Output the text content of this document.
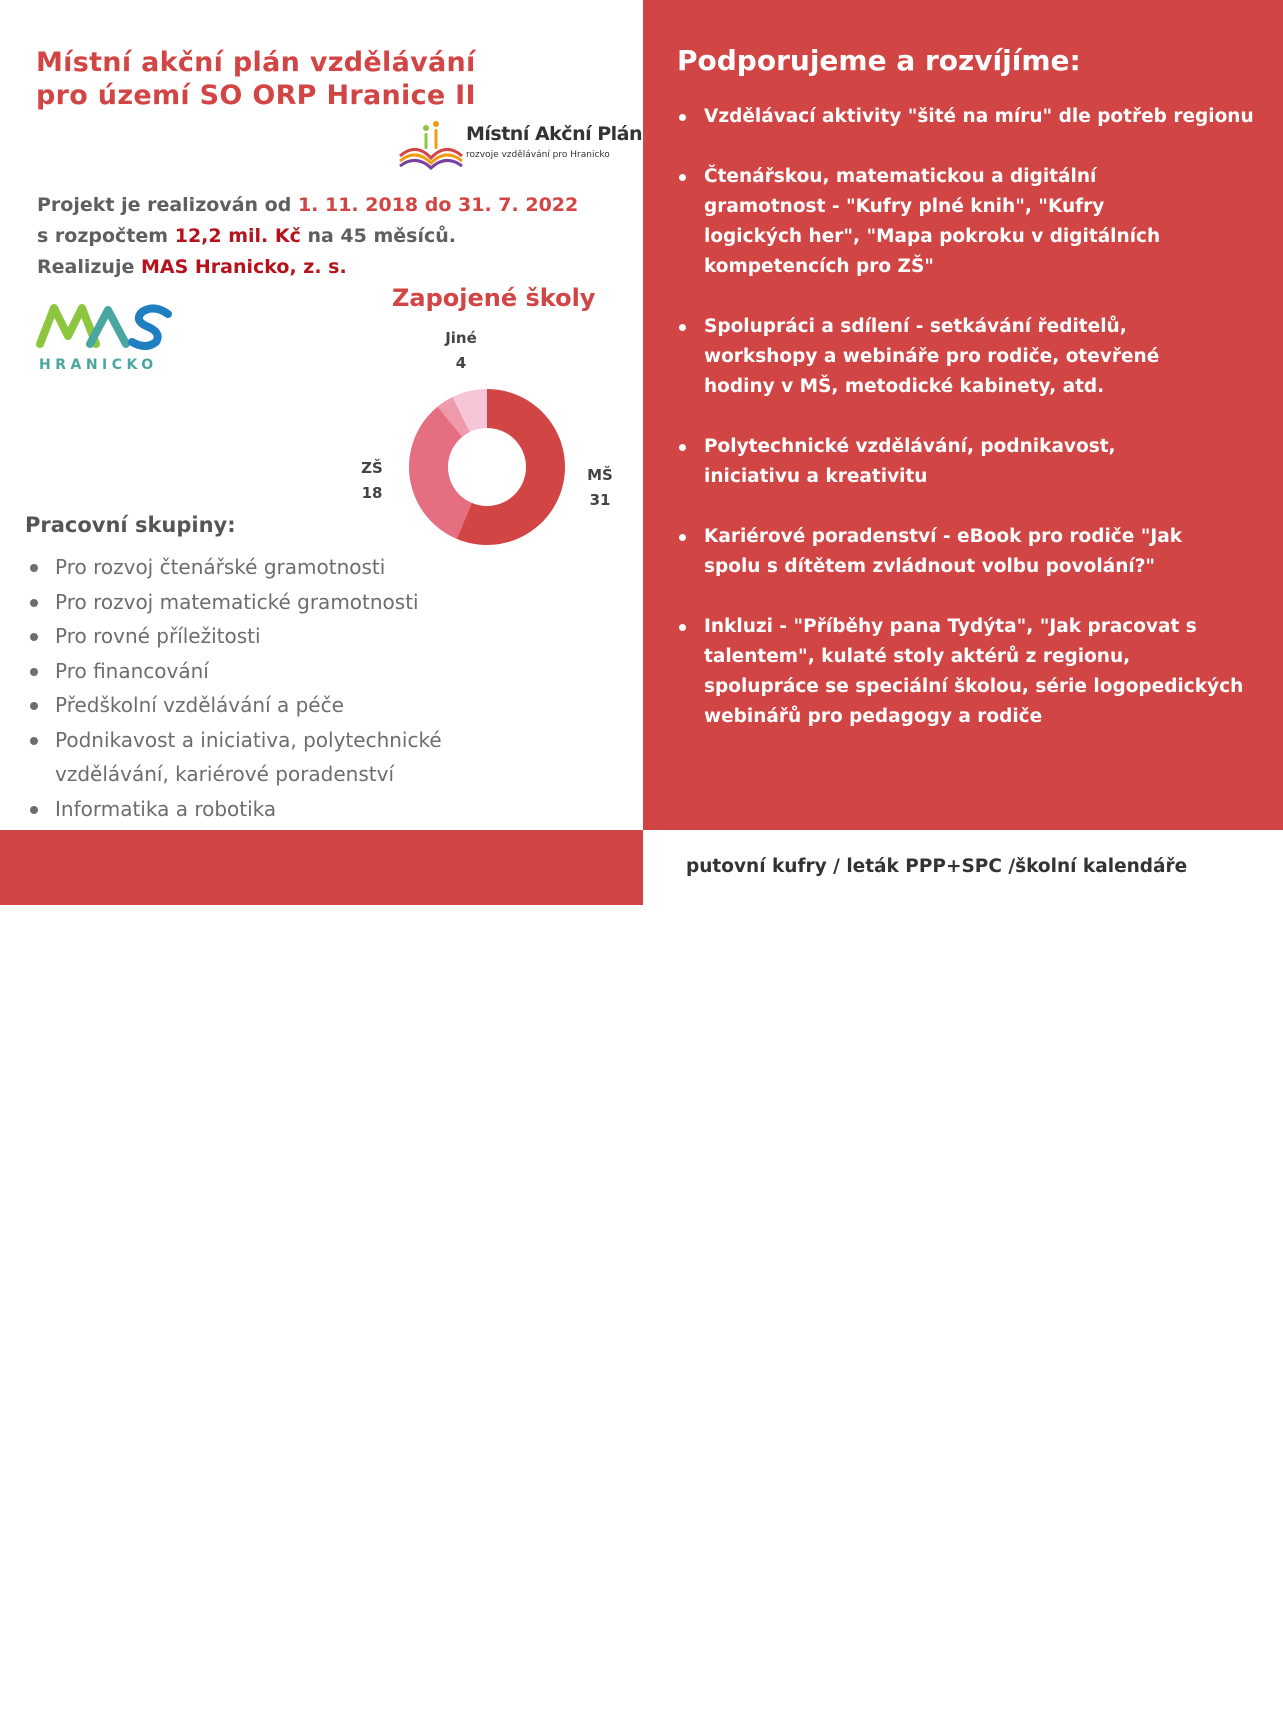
Místní akční plán vzdělávání
pro území SO ORP Hranice II
Místní Akční Plán
rozvoje vzdělávání pro Hranicko

Projekt je realizován od 1. 11. 2018 do 31. 7. 2022

s rozpočtem 12,2 mil. Kč na 45 měsíců.

Realizuje MAS Hranicko, z. s.

HRANICKO
Zapojené školy
Jiné
4
ZŠ
18
MŠ
31
Pracovní skupiny:
Pro rozvoj čtenářské gramotnosti
Pro rozvoj matematické gramotnosti
Pro rovné příležitosti
Pro financování
Předškolní vzdělávání a péče
Podnikavost a iniciativa, polytechnické vzdělávání, kariérové poradenství
Informatika a robotika
Podporujeme a rozvíjíme:
Vzdělávací aktivity "šité na míru" dle potřeb regionu
Čtenářskou, matematickou a digitální gramotnost - "Kufry plné knih", "Kufry logických her", "Mapa pokroku v digitálních kompetencích pro ZŠ"
Spolupráci a sdílení - setkávání ředitelů, workshopy a webináře pro rodiče, otevřené hodiny v MŠ, metodické kabinety, atd.
Polytechnické vzdělávání, podnikavost, iniciativu a kreativitu
Kariérové poradenství - eBook pro rodiče "Jak spolu s dítětem zvládnout volbu povolání?"
Inkluzi - "Příběhy pana Tydýta", "Jak pracovat s talentem", kulaté stoly aktérů z regionu, spolupráce se speciální školou, série logopedických webinářů pro pedagogy a rodiče
http://www.regionhranicko.cz/mas-hranicko/map-hranicko
https://www.facebook.com/maphranicko

putovní kufry / leták PPP+SPC /školní kalendáře
